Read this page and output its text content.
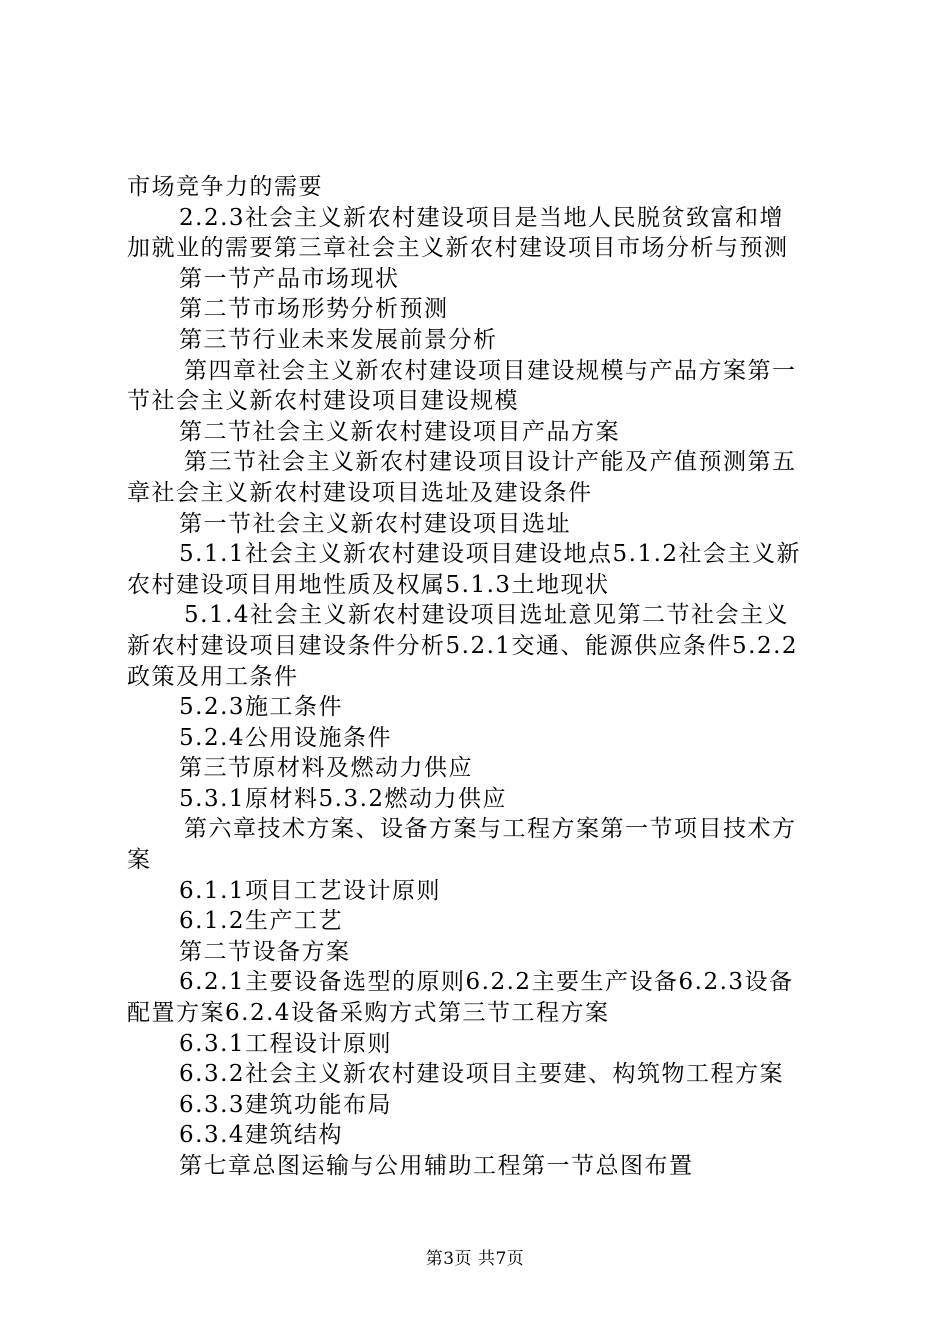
市场竞争力的需要

2.2.3社会主义新农村建设项目是当地人民脱贫致富和增

加就业的需要第三章社会主义新农村建设项目市场分析与预测

第一节产品市场现状

第二节市场形势分析预测

第三节行业未来发展前景分析

第四章社会主义新农村建设项目建设规模与产品方案第一

节社会主义新农村建设项目建设规模

第二节社会主义新农村建设项目产品方案

第三节社会主义新农村建设项目设计产能及产值预测第五

章社会主义新农村建设项目选址及建设条件

第一节社会主义新农村建设项目选址

5.1.1社会主义新农村建设项目建设地点5.1.2社会主义新

农村建设项目用地性质及权属5.1.3土地现状

5.1.4社会主义新农村建设项目选址意见第二节社会主义

新农村建设项目建设条件分析5.2.1交通、能源供应条件5.2.2

政策及用工条件

5.2.3施工条件

5.2.4公用设施条件

第三节原材料及燃动力供应

5.3.1原材料5.3.2燃动力供应

第六章技术方案、设备方案与工程方案第一节项目技术方

案

6.1.1项目工艺设计原则

6.1.2生产工艺

第二节设备方案

6.2.1主要设备选型的原则6.2.2主要生产设备6.2.3设备

配置方案6.2.4设备采购方式第三节工程方案

6.3.1工程设计原则

6.3.2社会主义新农村建设项目主要建、构筑物工程方案

6.3.3建筑功能布局

6.3.4建筑结构

第七章总图运输与公用辅助工程第一节总图布置

第3页 共7页
